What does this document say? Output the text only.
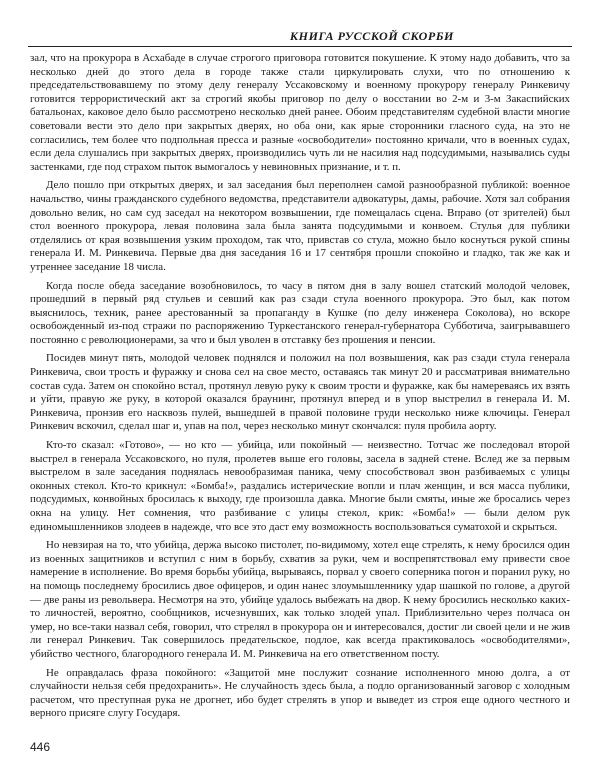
КНИГА РУССКОЙ СКОРБИ

зал, что на прокурора в Асхабаде в случае строгого приговора готовится покушение. К этому надо добавить, что за несколько дней до этого дела в городе также стали циркулировать слухи, что по отношению к председательствовавшему по этому делу генералу Уссаковскому и военному прокурору генералу Ринкевичу готовится террористический акт за строгий якобы приговор по делу о восстании во 2-м и 3-м Закаспийских батальонах, каковое дело было рассмотрено несколько дней ранее. Обоим представителям судебной власти многие советовали вести это дело при закрытых дверях, но оба они, как ярые сторонники гласного суда, на это не согласились, тем более что подпольная пресса и разные «освободители» постоянно кричали, что в военных судах, если дела слушались при закрытых дверях, производились чуть ли не насилия над подсудимыми, назывались суды застенками, где под страхом пыток вымогалось у невиновных признание, и т. п.

Дело пошло при открытых дверях, и зал заседания был переполнен самой разнообразной публикой: военное начальство, чины гражданского судебного ведомства, представители адвокатуры, дамы, рабочие. Хотя зал собрания довольно велик, но сам суд заседал на некотором возвышении, где помещалась сцена. Вправо (от зрителей) был стол военного прокурора, левая половина зала была занята подсудимыми и конвоем. Стулья для публики отделялись от края возвышения узким проходом, так что, привстав со стула, можно было коснуться рукой спины генерала И. М. Ринкевича. Первые два дня заседания 16 и 17 сентября прошли спокойно и гладко, так же как и утреннее заседание 18 числа.

Когда после обеда заседание возобновилось, то часу в пятом дня в залу вошел статский молодой человек, прошедший в первый ряд стульев и севший как раз сзади стула военного прокурора. Это был, как потом выяснилось, техник, ранее арестованный за пропаганду в Кушке (по делу инженера Соколова), но вскоре освобожденный из-под стражи по распоряжению Туркестанского генерал-губернатора Субботича, заигрывавшего постоянно с революционерами, за что и был уволен в отставку без прошения и пенсии.

Посидев минут пять, молодой человек поднялся и положил на пол возвышения, как раз сзади стула генерала Ринкевича, свои трость и фуражку и снова сел на свое место, оставаясь так минут 20 и рассматривая внимательно состав суда. Затем он спокойно встал, протянул левую руку к своим трости и фуражке, как бы намереваясь их взять и уйти, правую же руку, в которой оказался браунинг, протянул вперед и в упор выстрелил в генерала И. М. Ринкевича, пронзив его насквозь пулей, вышедшей в правой половине груди несколько ниже ключицы. Генерал Ринкевич вскочил, сделал шаг и, упав на пол, через несколько минут скончался: пуля пробила аорту.

Кто-то сказал: «Готово», — но кто — убийца, или покойный — неизвестно. Тотчас же последовал второй выстрел в генерала Уссаковского, но пуля, пролетев выше его головы, засела в задней стене. Вслед же за первым выстрелом в зале заседания поднялась невообразимая паника, чему способствовал звон разбиваемых с улицы оконных стекол. Кто-то крикнул: «Бомба!», раздались истерические вопли и плач женщин, и вся масса публики, подсудимых, конвойных бросилась к выходу, где произошла давка. Многие были смяты, иные же бросались через окна на улицу. Нет сомнения, что разбивание с улицы стекол, крик: «Бомба!» — были делом рук единомышленников злодеев в надежде, что все это даст ему возможность воспользоваться суматохой и скрыться.

Но невзирая на то, что убийца, держа высоко пистолет, по-видимому, хотел еще стрелять, к нему бросился один из военных защитников и вступил с ним в борьбу, схватив за руки, чем и воспрепятствовал ему привести свое намерение в исполнение. Во время борьбы убийца, вырываясь, порвал у своего соперника погон и поранил руку, но на помощь последнему бросились двое офицеров, и один нанес злоумышленнику удар шашкой по голове, а другой — две раны из револьвера. Несмотря на это, убийце удалось выбежать на двор. К нему бросились несколько каких-то личностей, вероятно, сообщников, исчезнувших, как только злодей упал. Приблизительно через полчаса он умер, но все-таки назвал себя, говорил, что стрелял в прокурора он и интересовался, достиг ли своей цели и не жив ли генерал Ринкевич. Так совершилось предательское, подлое, как всегда практиковалось «освободителями», убийство честного, благородного генерала И. М. Ринкевича на его ответственном посту.

Не оправдалась фраза покойного: «Защитой мне послужит сознание исполненного мною долга, а от случайности нельзя себя предохранить». Не случайность здесь была, а подло организованный заговор с холодным расчетом, что преступная рука не дрогнет, ибо будет стрелять в упор и выведет из строя еще одного честного и верного присяге слугу Государя.

446
